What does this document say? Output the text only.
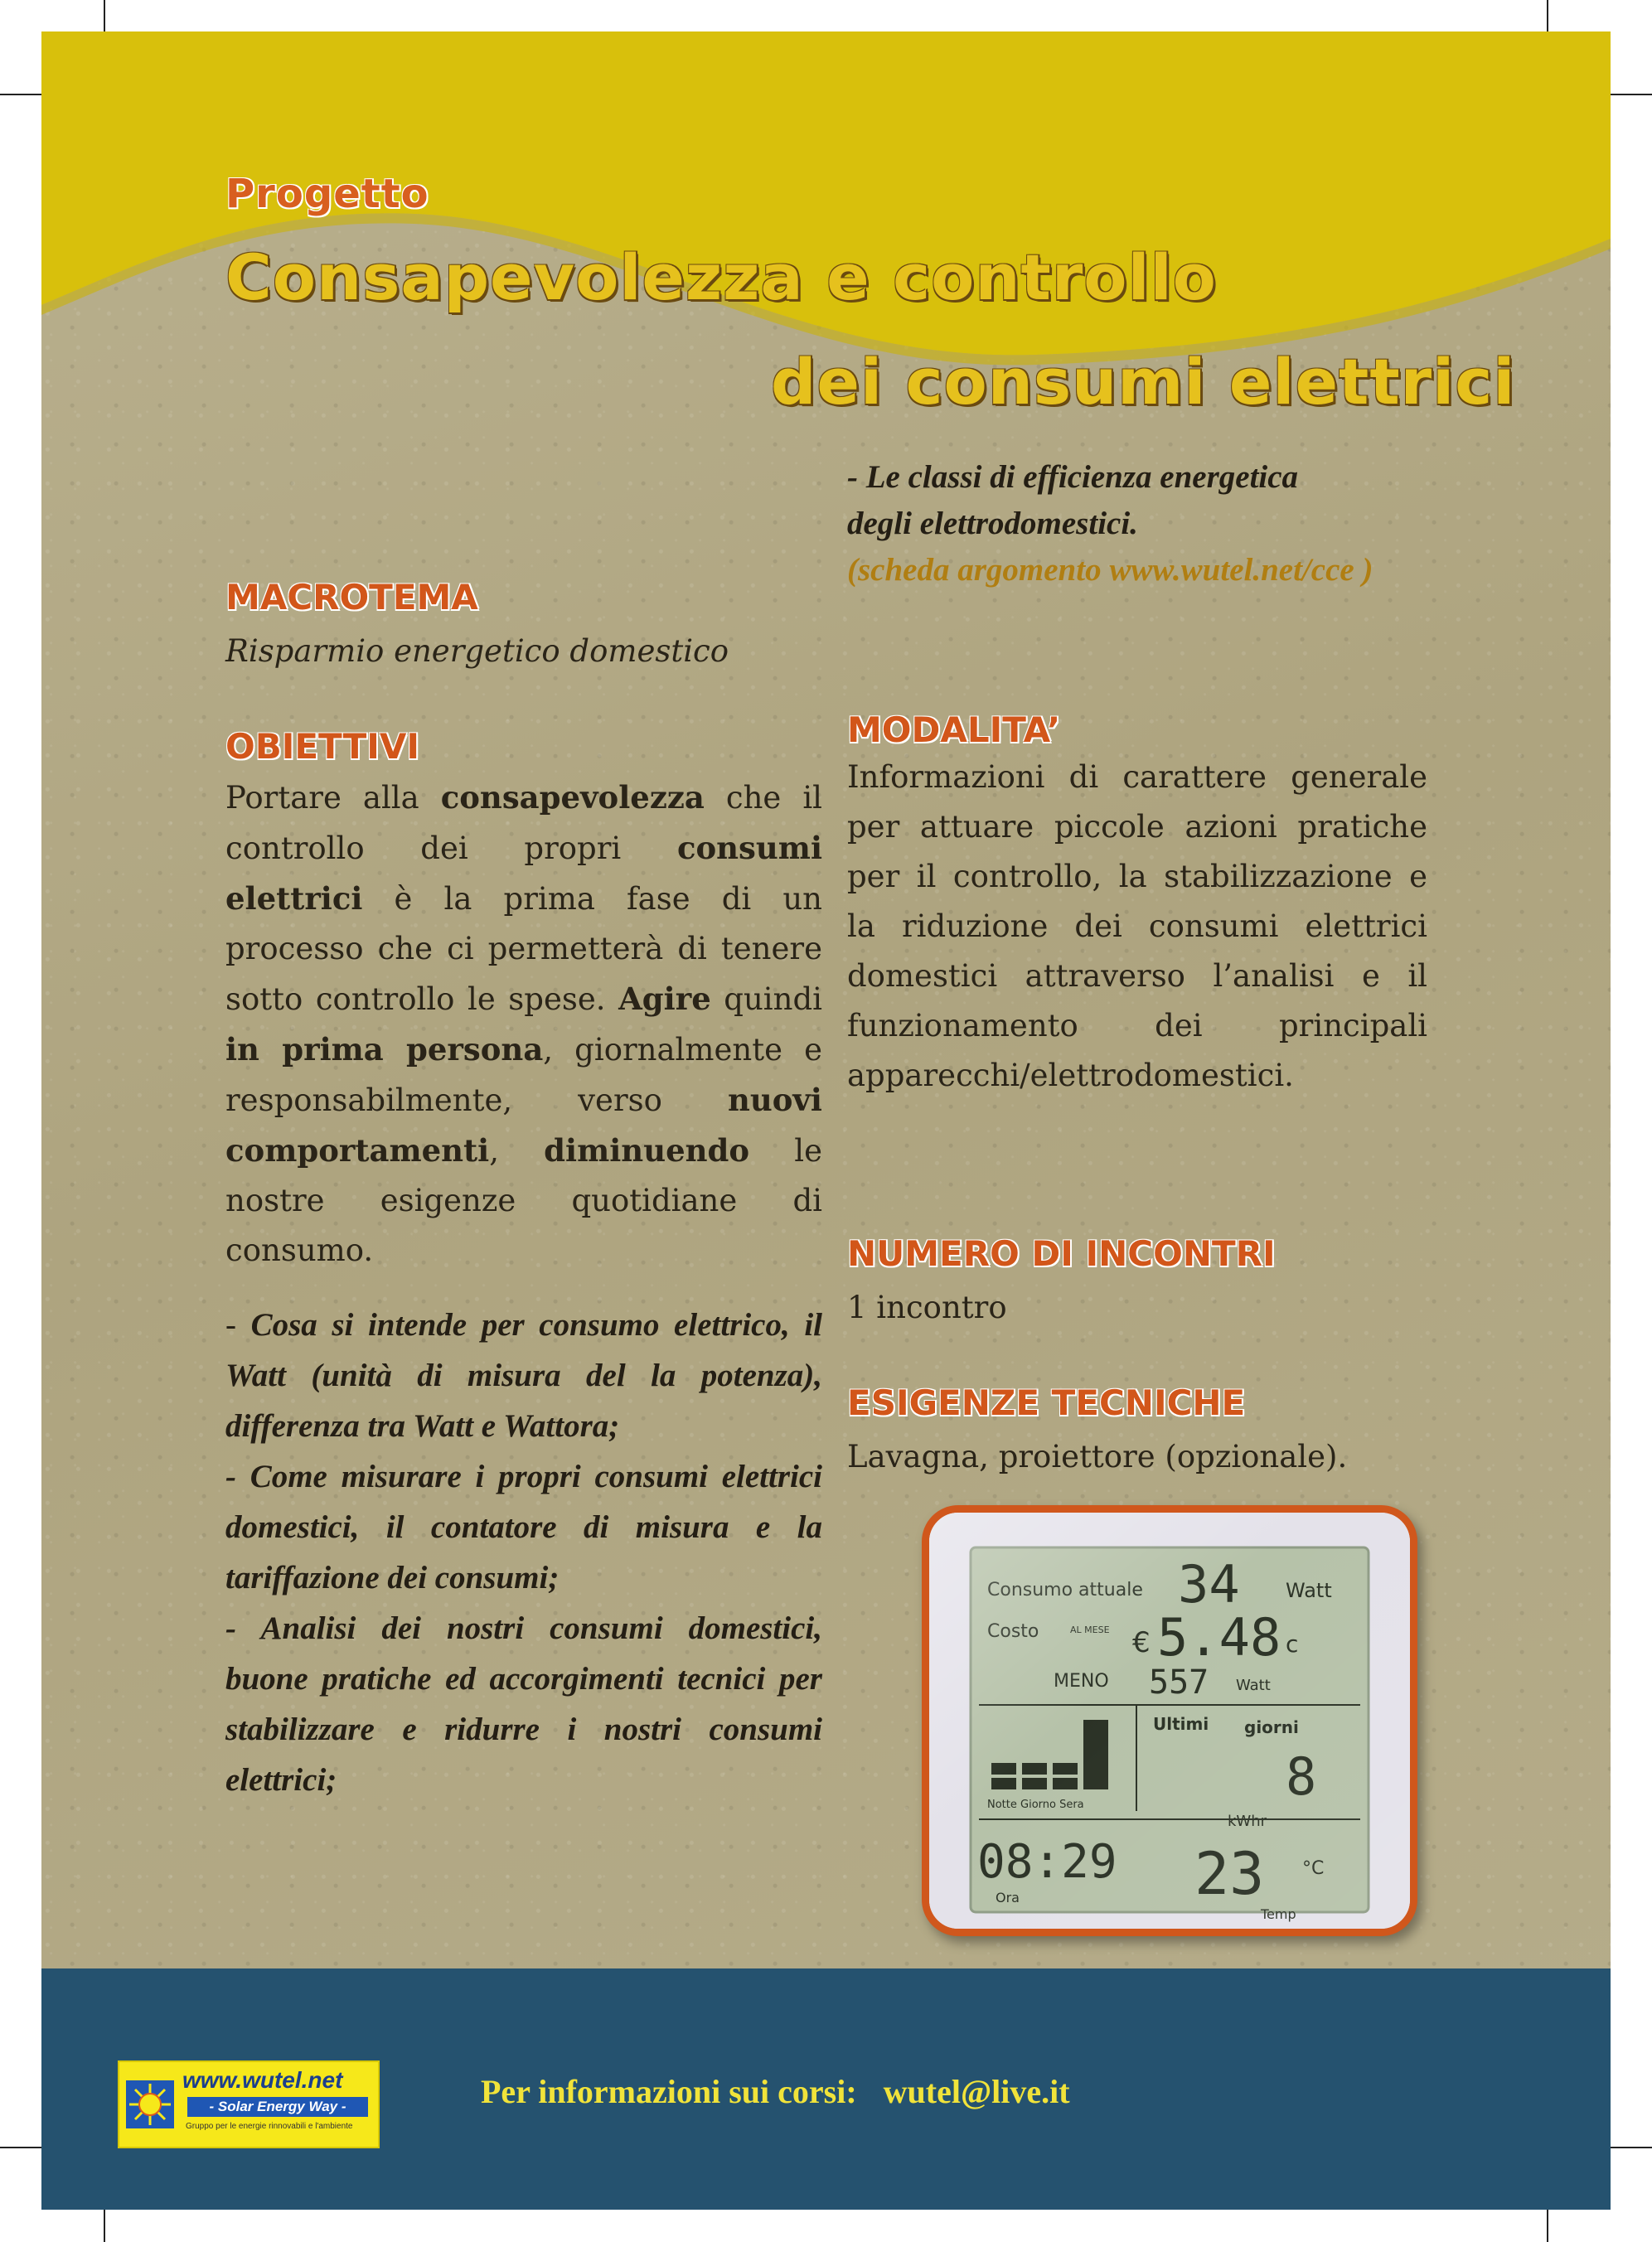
Progetto
Consapevolezza e controllo
dei consumi elettrici
- Le classi di efficienza energetica
degli elettrodomestici.
(scheda argomento www.wutel.net/cce )
MACROTEMA
Risparmio energetico domestico
OBIETTIVI
Portare alla consapevolezza che il controllo dei propri consumi elettrici è la prima fase di un processo che ci permetterà di tenere sotto controllo le spese. Agire quindi in prima persona, giornalmente e responsabilmente, verso nuovi comportamenti, diminuendo le nostre esigenze quotidiane di consumo.
- Cosa si intende per consumo elettrico, il Watt (unità di misura del la potenza), differenza tra Watt e Wattora;
- Come misurare i propri consumi elettrici domestici, il contatore di misura e la tariffazione dei consumi;
- Analisi dei nostri consumi domestici, buone pratiche ed accorgimenti tecnici per stabilizzare e ridurre i nostri consumi elettrici;
MODALITA’
Informazioni di carattere generale per attuare piccole azioni pratiche per il controllo, la stabilizzazione e la riduzione dei consumi elettrici domestici attraverso l’analisi e il funzionamento dei principali apparecchi/elettrodomestici.
NUMERO DI INCONTRI
1 incontro
ESIGENZE TECNICHE
Lavagna, proiettore (opzionale).
Consumo attuale 34 Watt
Costo	AL MESE € 5.48 c
MENO 557 Watt
Ultimi giorni
8
kWhr
Notte Giorno Sera
08:29
Ora	23 °C
Temp
www.wutel.net
- Solar Energy Way -
Gruppo per le energie rinnovabili e l'ambiente
Per informazioni sui corsi: wutel@live.it
